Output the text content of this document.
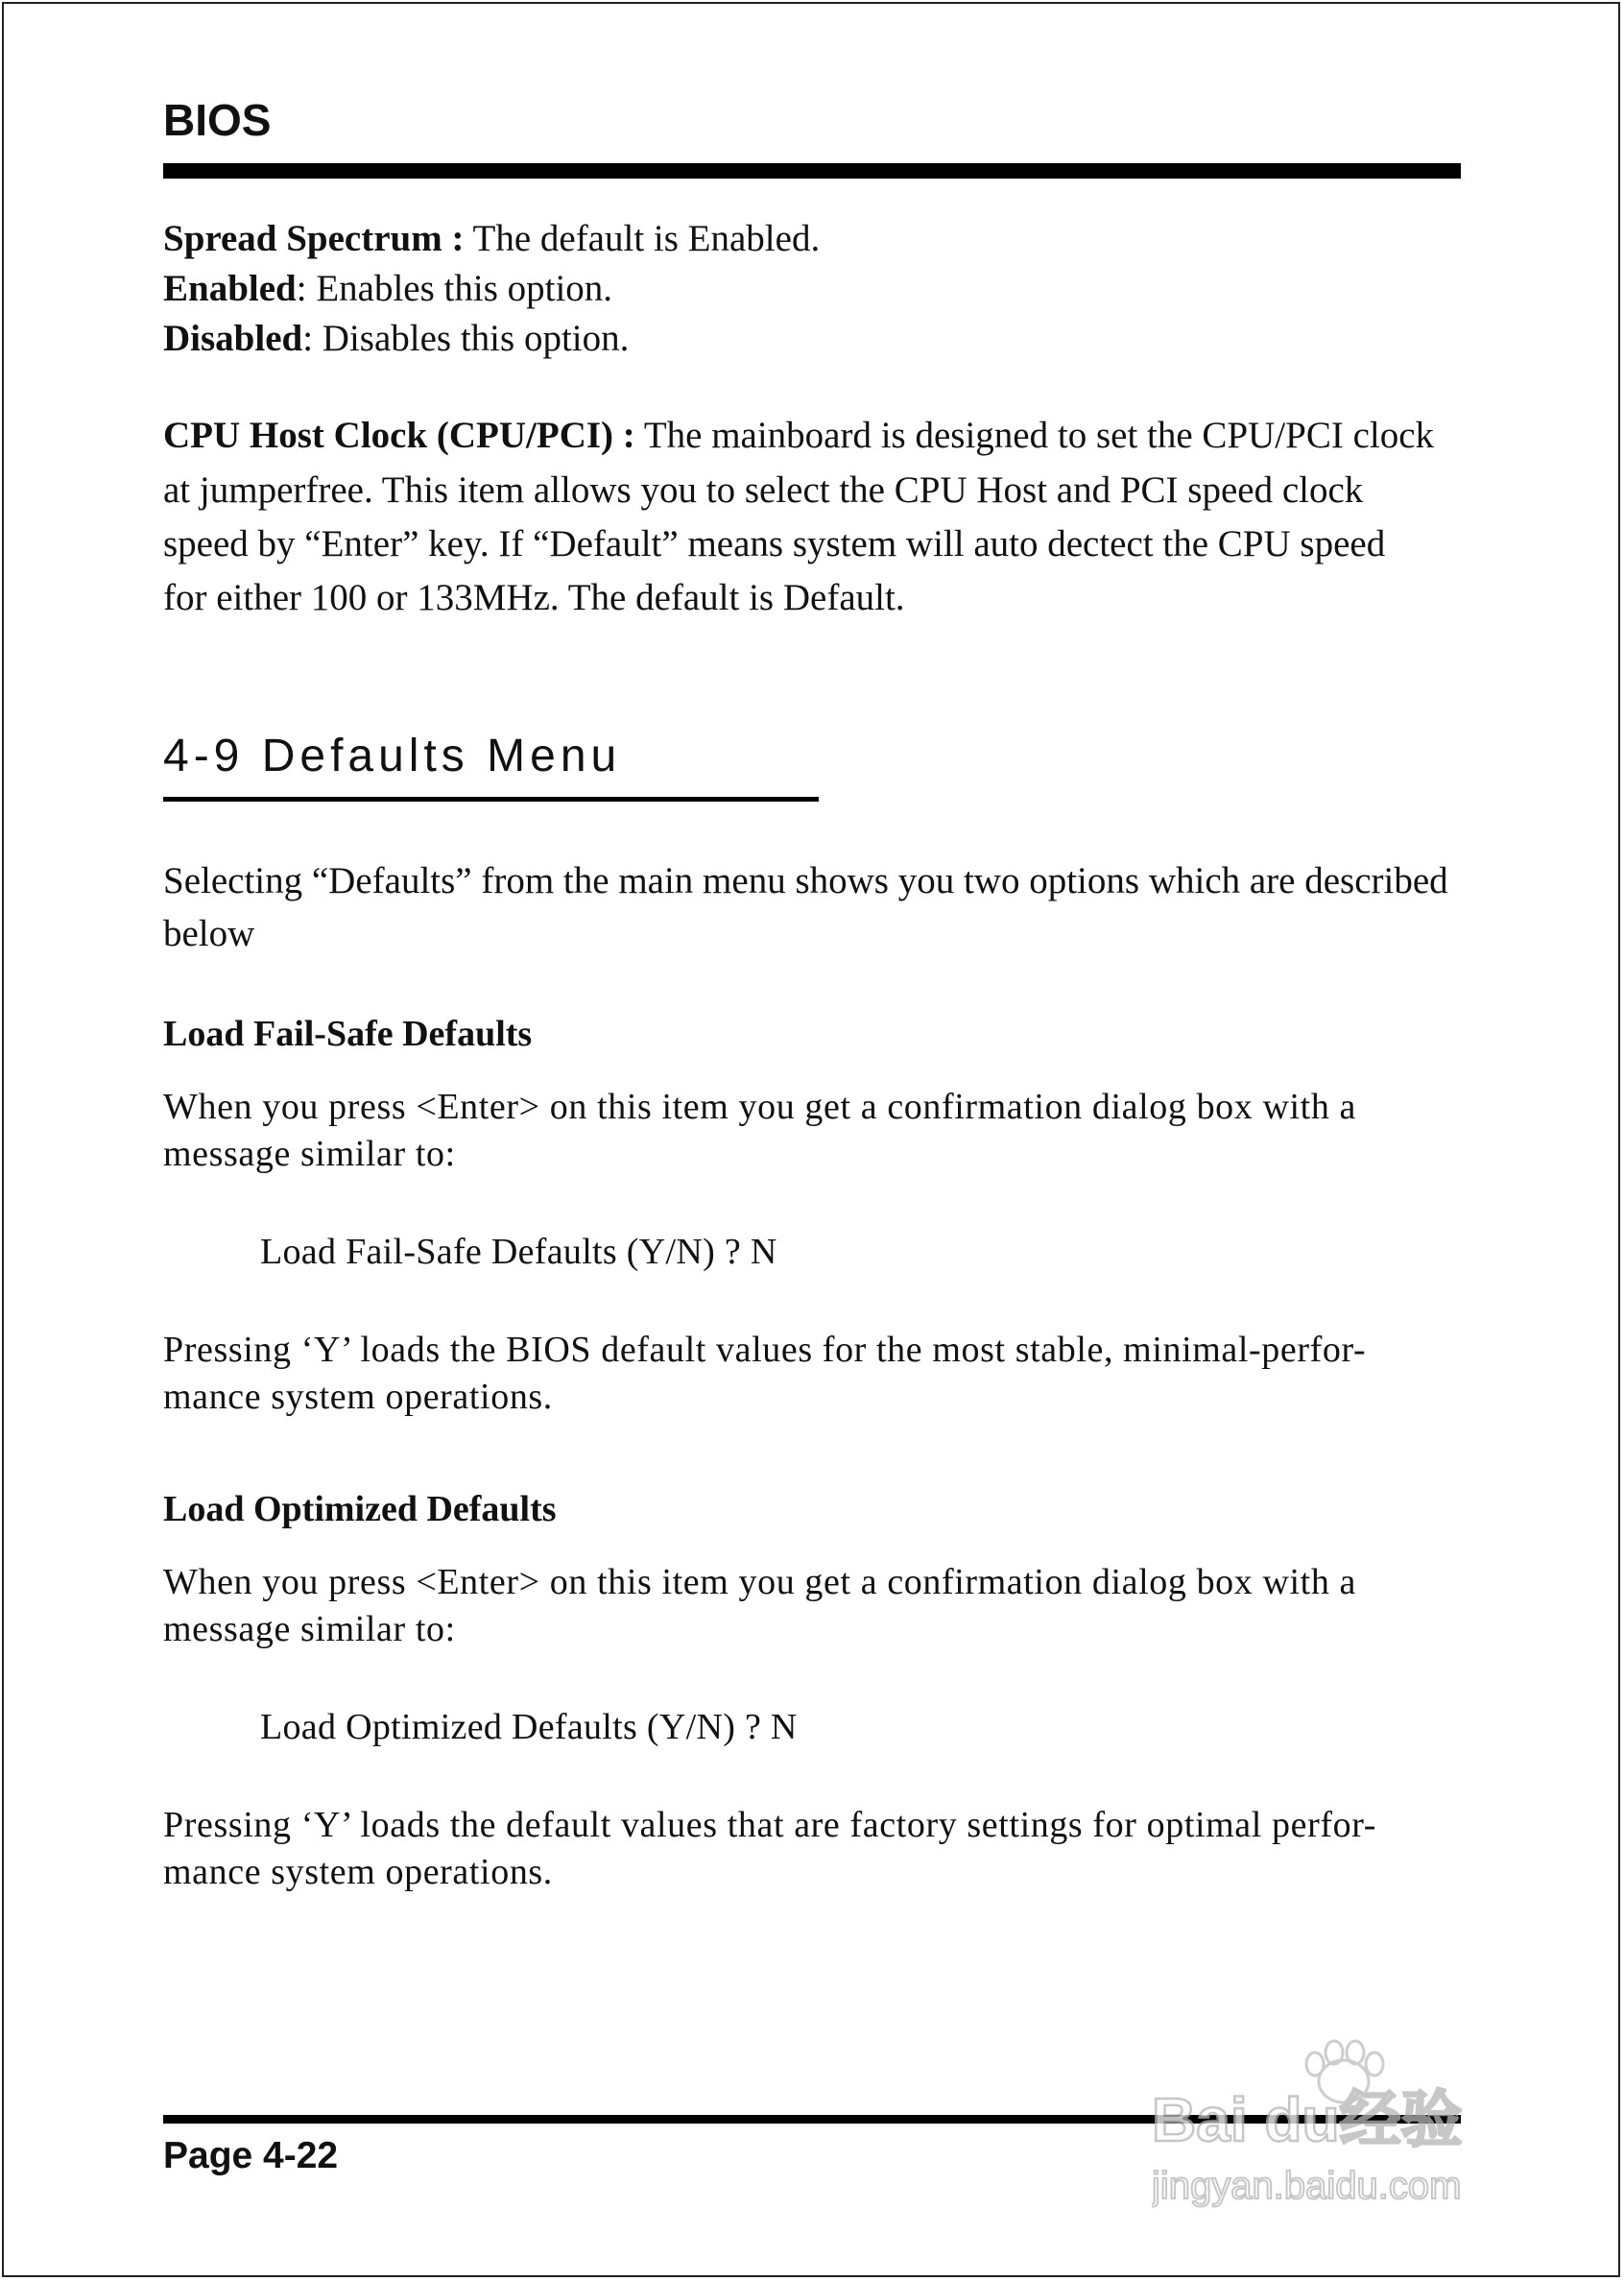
BIOS
Spread Spectrum : The default is Enabled.
Enabled: Enables this option.
Disabled: Disables this option.
CPU Host Clock (CPU/PCI) : The mainboard is designed to set the CPU/PCI clock
at jumperfree. This item allows you to select the CPU Host and PCI speed clock
speed by “Enter” key. If “Default” means system will auto dectect the CPU speed
for either 100 or 133MHz. The default is Default.
4-9 Defaults Menu
Selecting “Defaults” from the main menu shows you two options which are described
below
Load Fail-Safe Defaults
When you press <Enter> on this item you get a confirmation dialog box with a
message similar to:
Load Fail-Safe Defaults (Y/N) ? N
Pressing ‘Y’ loads the BIOS default values for the most stable, minimal-perfor-
mance system operations.
Load Optimized Defaults
When you press <Enter> on this item you get a confirmation dialog box with a
message similar to:
Load Optimized Defaults (Y/N) ? N
Pressing ‘Y’ loads the default values that are factory settings for optimal perfor-
mance system operations.
Page 4-22
Bai du经验
jingyan.baidu.com
